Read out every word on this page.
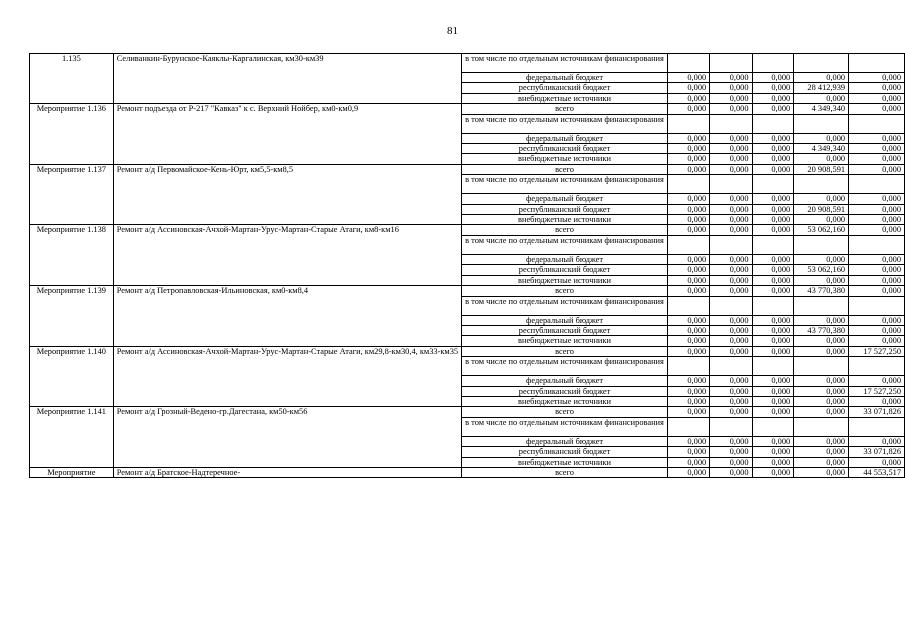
81
1.135	Селиванкин-Бурунское-Каяклы-Каргалинская, км30-км39	в том числе по отдельным источникам финансирования					
		федеральный бюджет	0,000	0,000	0,000	0,000	0,000
		республиканский бюджет	0,000	0,000	0,000	28 412,939	0,000
		внебюджетные источники	0,000	0,000	0,000	0,000	0,000
Мероприятие 1.136	Ремонт подъезда от Р-217 "Кавказ" к с. Верхний Нойбер, км0-км0,9	всего	0,000	0,000	0,000	4 349,340	0,000
		в том числе по отдельным источникам финансирования					
		федеральный бюджет	0,000	0,000	0,000	0,000	0,000
		республиканский бюджет	0,000	0,000	0,000	4 349,340	0,000
		внебюджетные источники	0,000	0,000	0,000	0,000	0,000
Мероприятие 1.137	Ремонт а/д Первомайское-Кень-Юрт, км5,5-км8,5	всего	0,000	0,000	0,000	20 908,591	0,000
		в том числе по отдельным источникам финансирования					
		федеральный бюджет	0,000	0,000	0,000	0,000	0,000
		республиканский бюджет	0,000	0,000	0,000	20 908,591	0,000
		внебюджетные источники	0,000	0,000	0,000	0,000	0,000
Мероприятие 1.138	Ремонт а/д Ассиновская-Ачхой-Мартан-Урус-Мартан-Старые Атаги, км8-км16	всего	0,000	0,000	0,000	53 062,160	0,000
		в том числе по отдельным источникам финансирования					
		федеральный бюджет	0,000	0,000	0,000	0,000	0,000
		республиканский бюджет	0,000	0,000	0,000	53 062,160	0,000
		внебюджетные источники	0,000	0,000	0,000	0,000	0,000
Мероприятие 1.139	Ремонт а/д Петропавловская-Ильиновская, км0-км8,4	всего	0,000	0,000	0,000	43 770,380	0,000
		в том числе по отдельным источникам финансирования					
		федеральный бюджет	0,000	0,000	0,000	0,000	0,000
		республиканский бюджет	0,000	0,000	0,000	43 770,380	0,000
		внебюджетные источники	0,000	0,000	0,000	0,000	0,000
Мероприятие 1.140	Ремонт а/д Ассиновская-Ачхой-Мартан-Урус-Мартан-Старые Атаги, км29,8-км30,4, км33-км35	всего	0,000	0,000	0,000	0,000	17 527,250
		в том числе по отдельным источникам финансирования					
		федеральный бюджет	0,000	0,000	0,000	0,000	0,000
		республиканский бюджет	0,000	0,000	0,000	0,000	17 527,250
		внебюджетные источники	0,000	0,000	0,000	0,000	0,000
Мероприятие 1.141	Ремонт а/д Грозный-Ведено-гр.Дагестана, км50-км56	всего	0,000	0,000	0,000	0,000	33 071,826
		в том числе по отдельным источникам финансирования					
		федеральный бюджет	0,000	0,000	0,000	0,000	0,000
		республиканский бюджет	0,000	0,000	0,000	0,000	33 071,826
		внебюджетные источники	0,000	0,000	0,000	0,000	0,000
Мероприятие	Ремонт а/д Братское-Надтеречное-	всего	0,000	0,000	0,000	0,000	44 553,517
